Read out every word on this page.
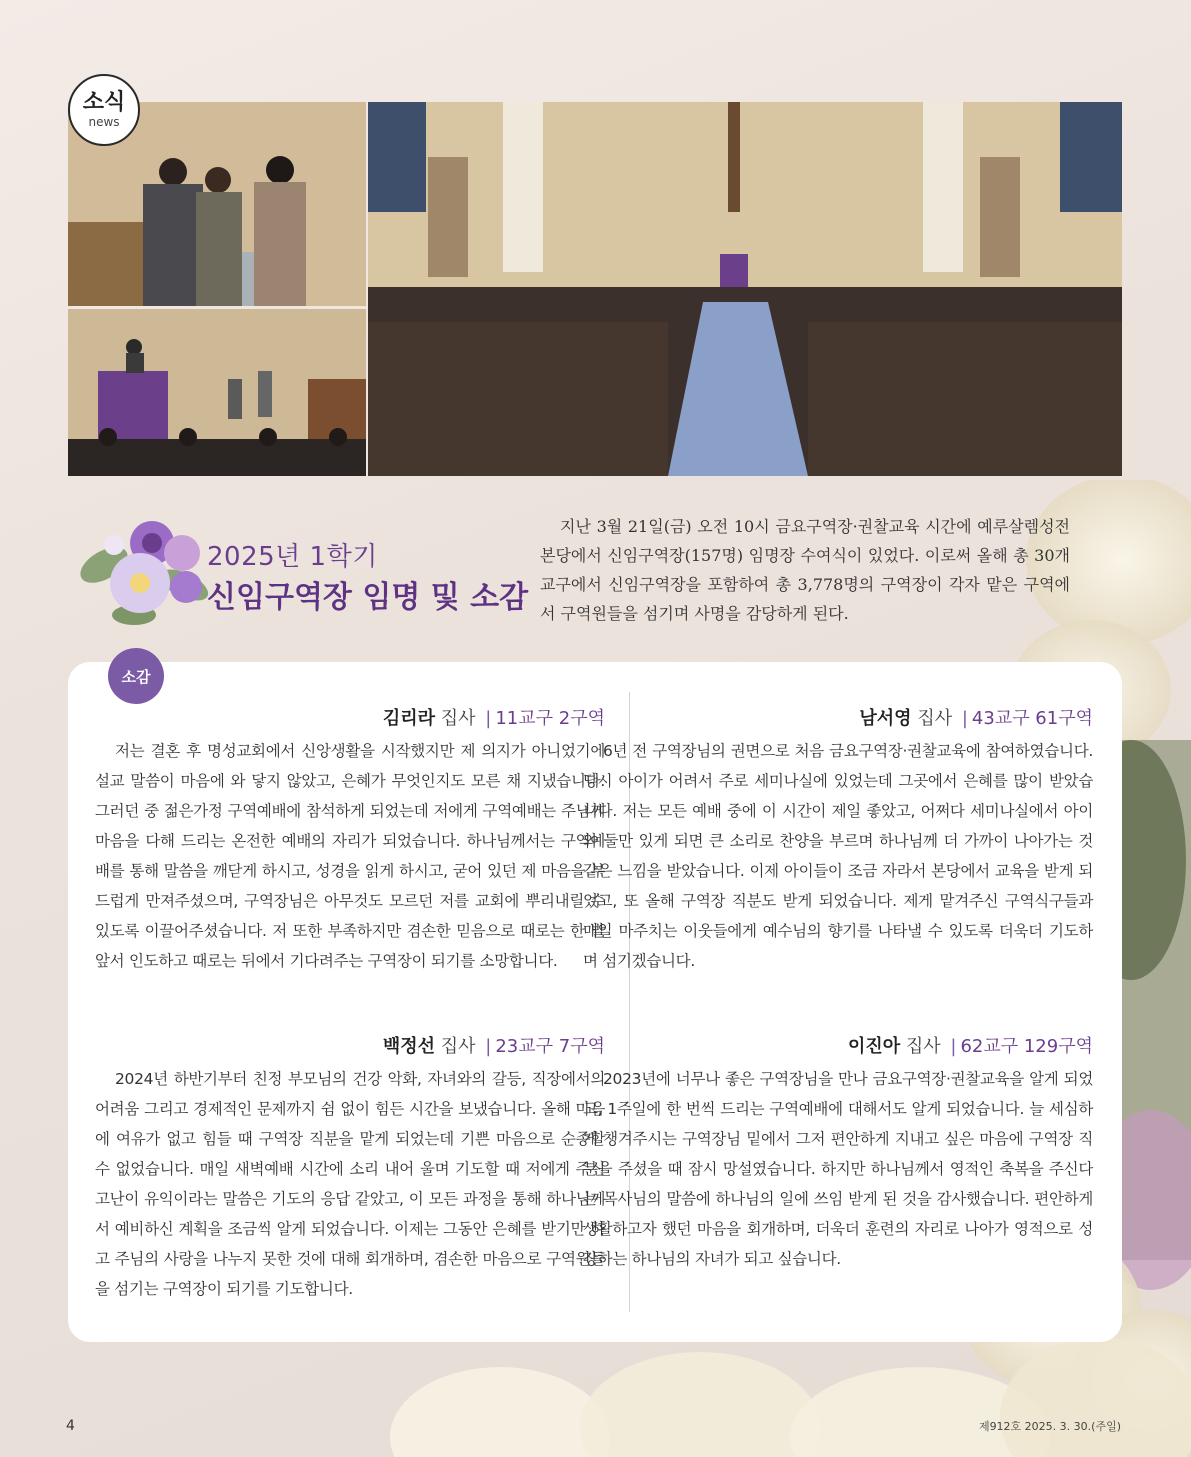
소식
news
2025년 1학기
신임구역장 임명 및 소감
지난 3월 21일(금) 오전 10시 금요구역장·권찰교육 시간에 예루살렘성전 본당에서 신임구역장(157명) 임명장 수여식이 있었다. 이로써 올해 총 30개 교구에서 신임구역장을 포함하여 총 3,778명의 구역장이 각자 맡은 구역에서 구역원들을 섬기며 사명을 감당하게 된다.
소감
김리라 집사 | 11교구 2구역
저는 결혼 후 명성교회에서 신앙생활을 시작했지만 제 의지가 아니었기에 설교 말씀이 마음에 와 닿지 않았고, 은혜가 무엇인지도 모른 채 지냈습니다. 그러던 중 젊은가정 구역예배에 참석하게 되었는데 저에게 구역예배는 주님께 마음을 다해 드리는 온전한 예배의 자리가 되었습니다. 하나님께서는 구역예배를 통해 말씀을 깨닫게 하시고, 성경을 읽게 하시고, 굳어 있던 제 마음을 부드럽게 만져주셨으며, 구역장님은 아무것도 모르던 저를 교회에 뿌리내릴 수 있도록 이끌어주셨습니다. 저 또한 부족하지만 겸손한 믿음으로 때로는 한 발 앞서 인도하고 때로는 뒤에서 기다려주는 구역장이 되기를 소망합니다.
백정선 집사 | 23교구 7구역
2024년 하반기부터 친정 부모님의 건강 악화, 자녀와의 갈등, 직장에서의 어려움 그리고 경제적인 문제까지 쉼 없이 힘든 시간을 보냈습니다. 올해 마음에 여유가 없고 힘들 때 구역장 직분을 맡게 되었는데 기쁜 마음으로 순종할 수 없었습니다. 매일 새벽예배 시간에 소리 내어 울며 기도할 때 저에게 주신 고난이 유익이라는 말씀은 기도의 응답 같았고, 이 모든 과정을 통해 하나님께서 예비하신 계획을 조금씩 알게 되었습니다. 이제는 그동안 은혜를 받기만 하고 주님의 사랑을 나누지 못한 것에 대해 회개하며, 겸손한 마음으로 구역원들을 섬기는 구역장이 되기를 기도합니다.
남서영 집사 | 43교구 61구역
6년 전 구역장님의 권면으로 처음 금요구역장·권찰교육에 참여하였습니다. 당시 아이가 어려서 주로 세미나실에 있었는데 그곳에서 은혜를 많이 받았습니다. 저는 모든 예배 중에 이 시간이 제일 좋았고, 어쩌다 세미나실에서 아이와 둘만 있게 되면 큰 소리로 찬양을 부르며 하나님께 더 가까이 나아가는 것 같은 느낌을 받았습니다. 이제 아이들이 조금 자라서 본당에서 교육을 받게 되었고, 또 올해 구역장 직분도 받게 되었습니다. 제게 맡겨주신 구역식구들과 매일 마주치는 이웃들에게 예수님의 향기를 나타낼 수 있도록 더욱더 기도하며 섬기겠습니다.
이진아 집사 | 62교구 129구역
2023년에 너무나 좋은 구역장님을 만나 금요구역장·권찰교육을 알게 되었고, 1주일에 한 번씩 드리는 구역예배에 대해서도 알게 되었습니다. 늘 세심하게 챙겨주시는 구역장님 밑에서 그저 편안하게 지내고 싶은 마음에 구역장 직분을 주셨을 때 잠시 망설였습니다. 하지만 하나님께서 영적인 축복을 주신다는 목사님의 말씀에 하나님의 일에 쓰임 받게 된 것을 감사했습니다. 편안하게 생활하고자 했던 마음을 회개하며, 더욱더 훈련의 자리로 나아가 영적으로 성장하는 하나님의 자녀가 되고 싶습니다.
4	제912호 2025. 3. 30.(주일)
